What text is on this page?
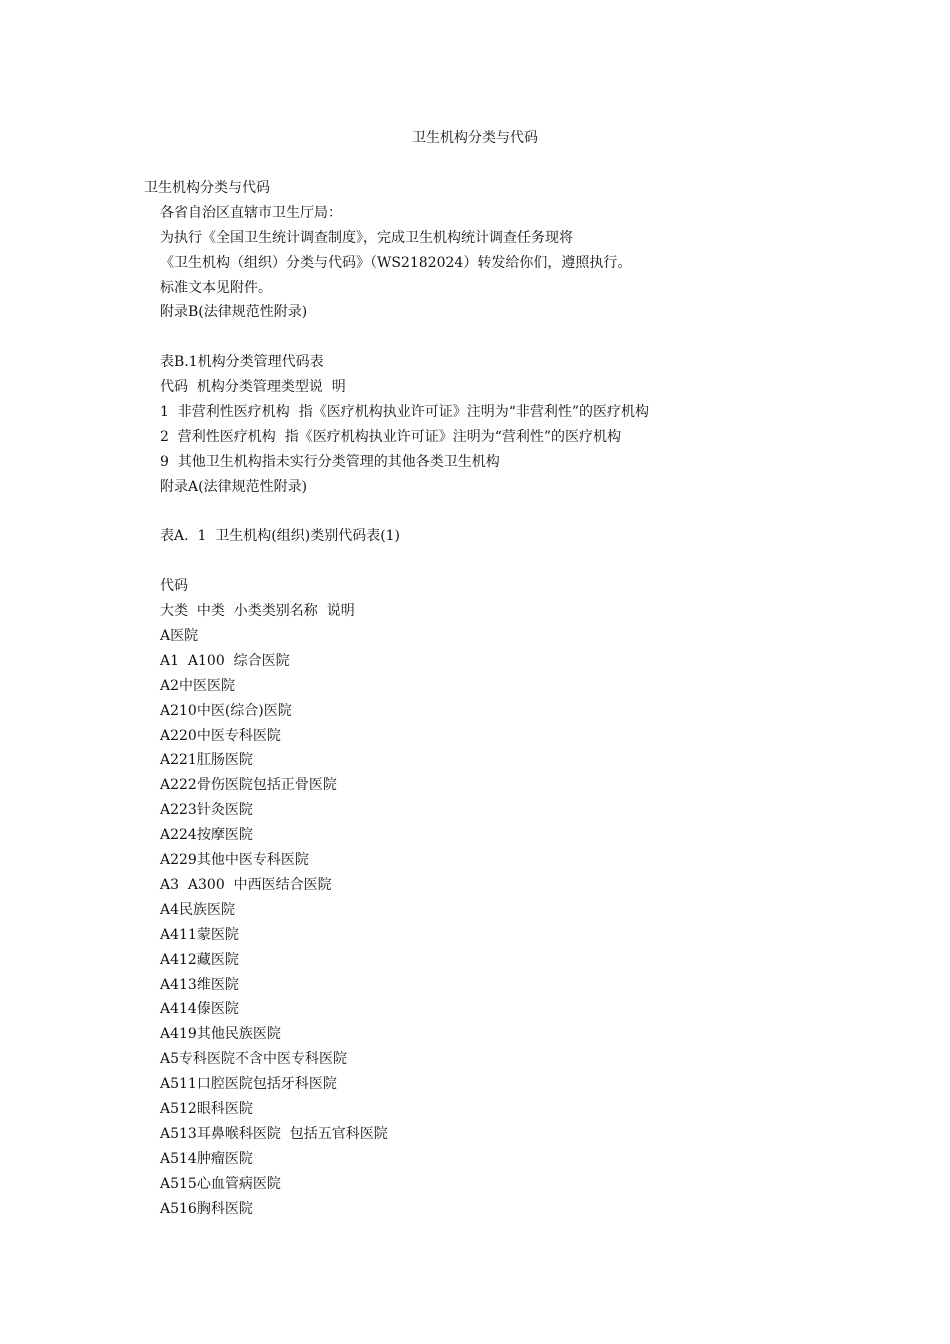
卫生机构分类与代码
卫生机构分类与代码
各省自治区直辖市卫生厅局：
为执行《全国卫生统计调查制度》，完成卫生机构统计调查任务现将
《卫生机构（组织）分类与代码》（WS2182024）转发给你们，遵照执行。
标准文本见附件。
附录B(法律规范性附录)
表B.1机构分类管理代码表
代码  机构分类管理类型说  明
1  非营利性医疗机构  指《医疗机构执业许可证》注明为“非营利性”的医疗机构
2  营利性医疗机构  指《医疗机构执业许可证》注明为“营利性”的医疗机构
9  其他卫生机构指未实行分类管理的其他各类卫生机构
附录A(法律规范性附录)
表A.  1  卫生机构(组织)类别代码表(1)
代码
大类  中类  小类类别名称  说明
A医院
A1  A100  综合医院
A2中医医院
A210中医(综合)医院
A220中医专科医院
A221肛肠医院
A222骨伤医院包括正骨医院
A223针灸医院
A224按摩医院
A229其他中医专科医院
A3  A300  中西医结合医院
A4民族医院
A411蒙医院
A412藏医院
A413维医院
A414傣医院
A419其他民族医院
A5专科医院不含中医专科医院
A511口腔医院包括牙科医院
A512眼科医院
A513耳鼻喉科医院  包括五官科医院
A514肿瘤医院
A515心血管病医院
A516胸科医院
